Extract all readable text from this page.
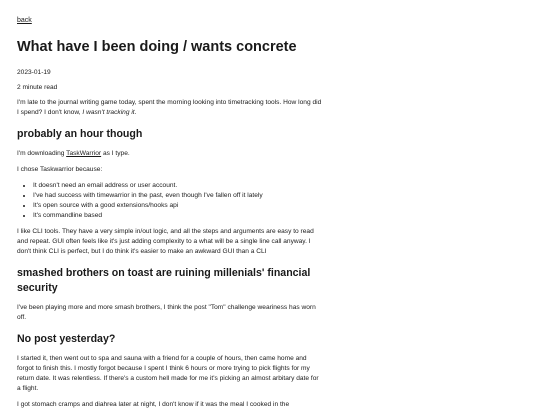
back
What have I been doing / wants concrete
2023-01-19
2 minute read

I'm late to the journal writing game today, spent the morning looking into timetracking tools. How long did I spend? I don't know, I wasn't tracking it.

probably an hour though

I'm downloading TaskWarrior as I type.

I chose Taskwarrior because:

• It doesn't need an email address or user account.
• I've had success with timewarrior in the past, even though I've fallen off it lately
• It's open source with a good extensions/hooks api
• It's commandline based

I like CLI tools. They have a very simple in/out logic, and all the steps and arguments are easy to read and repeat. GUI often feels like it's just adding complexity to a what will be a single line call anyway. I don't think CLI is perfect, but I do think it's easier to make an awkward GUI than a CLI

smashed brothers on toast are ruining millenials' financial security

I've been playing more and more smash brothers, I think the post "Tom" challenge weariness has worn off.

No post yesterday?

I started it, then went out to spa and sauna with a friend for a couple of hours, then came home and forgot to finish this. I mostly forgot because I spent I think 6 hours or more trying to pick flights for my return date. It was relentless. If there's a custom hell made for me it's picking an almost arbitary date for a flight.

I got stomach cramps and diahrea later at night, I don't know if it was the meal I cooked in the
